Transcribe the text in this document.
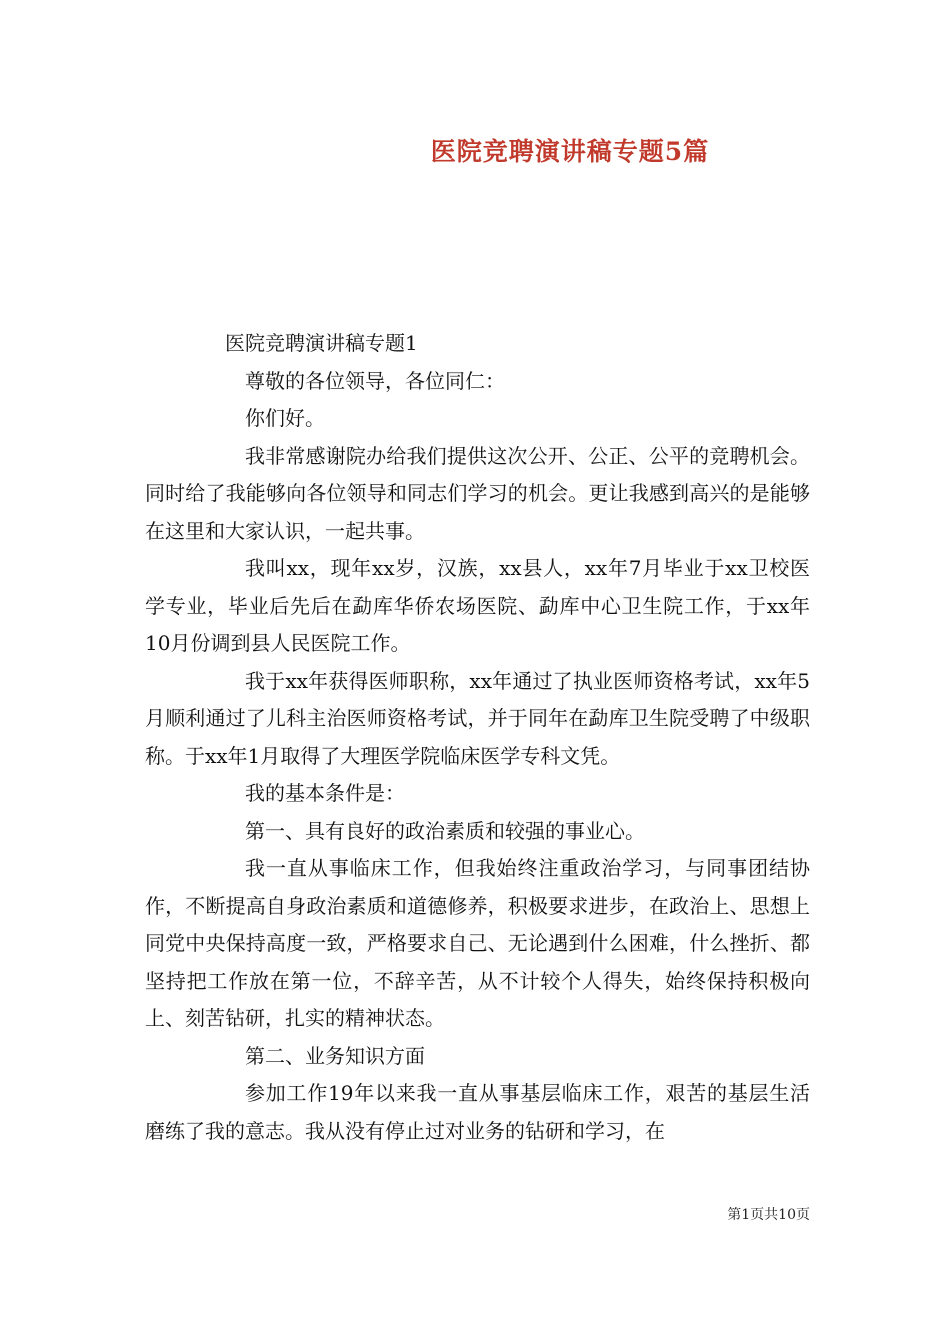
医院竞聘演讲稿专题5篇

医院竞聘演讲稿专题1

尊敬的各位领导，各位同仁：

你们好。

我非常感谢院办给我们提供这次公开、公正、公平的竞聘机会。同时给了我能够向各位领导和同志们学习的机会。更让我感到高兴的是能够在这里和大家认识，一起共事。

我叫xx，现年xx岁，汉族，xx县人，xx年7月毕业于xx卫校医学专业，毕业后先后在勐库华侨农场医院、勐库中心卫生院工作，于xx年10月份调到县人民医院工作。

我于xx年获得医师职称，xx年通过了执业医师资格考试，xx年5月顺利通过了儿科主治医师资格考试，并于同年在勐库卫生院受聘了中级职称。于xx年1月取得了大理医学院临床医学专科文凭。

我的基本条件是：

第一、具有良好的政治素质和较强的事业心。

我一直从事临床工作，但我始终注重政治学习，与同事团结协作，不断提高自身政治素质和道德修养，积极要求进步，在政治上、思想上同党中央保持高度一致，严格要求自己、无论遇到什么困难，什么挫折、都坚持把工作放在第一位，不辞辛苦，从不计较个人得失，始终保持积极向上、刻苦钻研，扎实的精神状态。

第二、业务知识方面

参加工作19年以来我一直从事基层临床工作，艰苦的基层生活磨练了我的意志。我从没有停止过对业务的钻研和学习，在

第1页共10页
